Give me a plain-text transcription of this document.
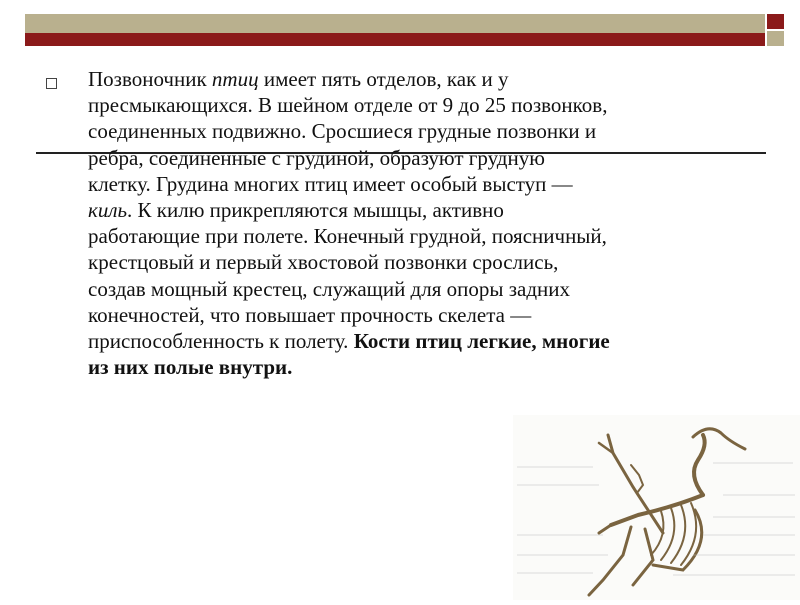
Позвоночник птиц имеет пять отделов, как и у
пресмыкающихся. В шейном отделе от 9 до 25 позвонков,
соединенных подвижно. Сросшиеся грудные позвонки и
ребра, соединенные с грудиной, образуют грудную
клетку. Грудина многих птиц имеет особый выступ —
киль. К килю прикрепляются мышцы, активно
работающие при полете. Конечный грудной, поясничный,
крестцовый и первый хвостовой позвонки срослись,
создав мощный крестец, служащий для опоры задних
конечностей, что повышает прочность скелета —
приспособленность к полету. Кости птиц легкие, многие
из них полые внутри.
